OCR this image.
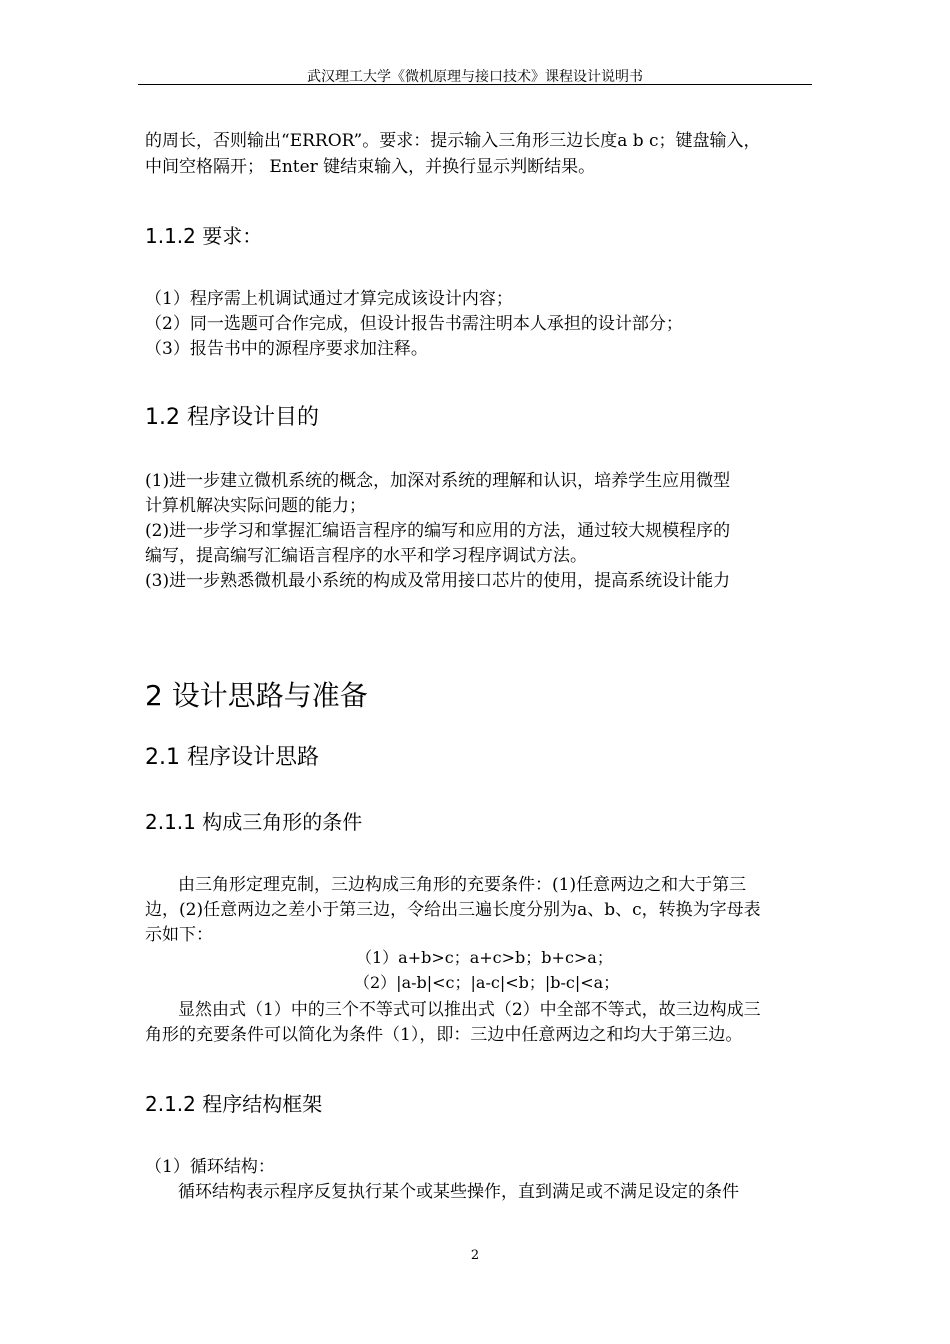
武汉理工大学《微机原理与接口技术》课程设计说明书
的周长，否则输出“ERROR”。要求：提示输入三角形三边长度a b c；键盘输入，
中间空格隔开； Enter 键结束输入，并换行显示判断结果。
1.1.2 要求：
（1）程序需上机调试通过才算完成该设计内容；
（2）同一选题可合作完成，但设计报告书需注明本人承担的设计部分；
（3）报告书中的源程序要求加注释。
1.2 程序设计目的
(1)进一步建立微机系统的概念，加深对系统的理解和认识，培养学生应用微型
计算机解决实际问题的能力；
(2)进一步学习和掌握汇编语言程序的编写和应用的方法，通过较大规模程序的
编写，提高编写汇编语言程序的水平和学习程序调试方法。
(3)进一步熟悉微机最小系统的构成及常用接口芯片的使用，提高系统设计能力
2 设计思路与准备
2.1 程序设计思路
2.1.1 构成三角形的条件
由三角形定理克制，三边构成三角形的充要条件：(1)任意两边之和大于第三
边，(2)任意两边之差小于第三边，令给出三遍长度分别为a、b、c，转换为字母表
示如下：
（1）a+b>c；a+c>b；b+c>a；
（2）|a-b|<c；|a-c|<b；|b-c|<a；
显然由式（1）中的三个不等式可以推出式（2）中全部不等式，故三边构成三
角形的充要条件可以简化为条件（1），即：三边中任意两边之和均大于第三边。
2.1.2 程序结构框架
（1）循环结构：
循环结构表示程序反复执行某个或某些操作，直到满足或不满足设定的条件
2
